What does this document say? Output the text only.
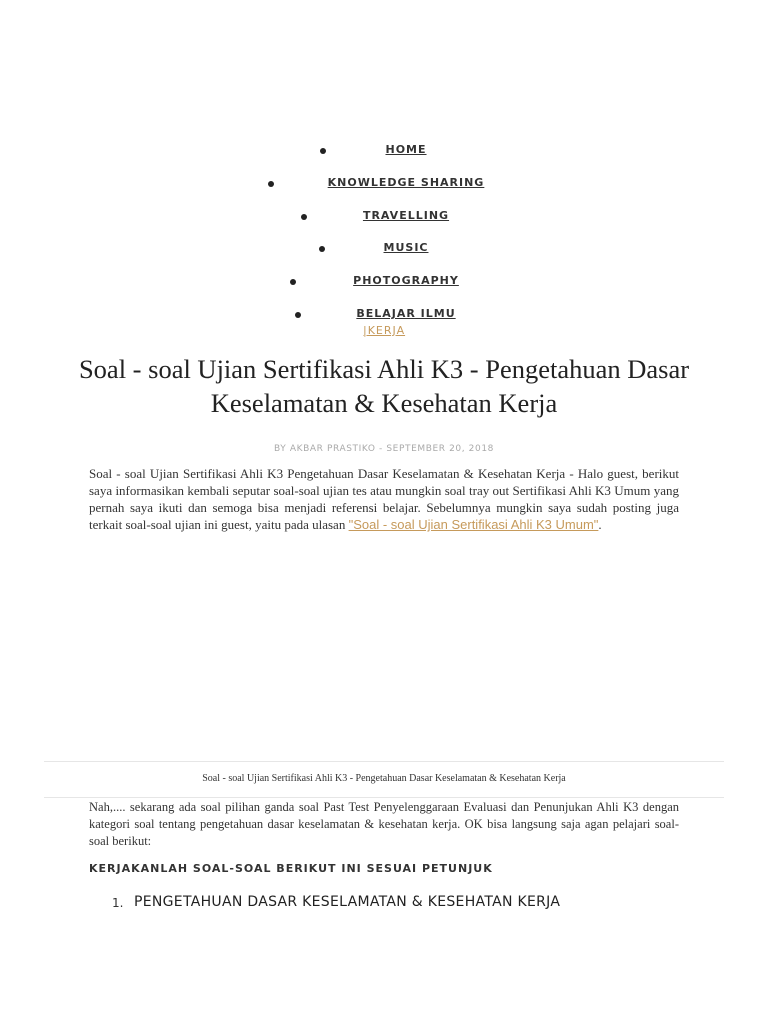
HOME
KNOWLEDGE SHARING
TRAVELLING
MUSIC
PHOTOGRAPHY
BELAJAR ILMU
|KERJA
Soal - soal Ujian Sertifikasi Ahli K3 - Pengetahuan Dasar Keselamatan & Kesehatan Kerja
BY AKBAR PRASTIKO - SEPTEMBER 20, 2018

Soal - soal Ujian Sertifikasi Ahli K3 Pengetahuan Dasar Keselamatan & Kesehatan Kerja - Halo guest, berikut saya informasikan kembali seputar soal-soal ujian tes atau mungkin soal tray out Sertifikasi Ahli K3 Umum yang pernah saya ikuti dan semoga bisa menjadi referensi belajar. Sebelumnya mungkin saya sudah posting juga terkait soal-soal ujian ini guest, yaitu pada ulasan "Soal - soal Ujian Sertifikasi Ahli K3 Umum".

Soal - soal Ujian Sertifikasi Ahli K3 - Pengetahuan Dasar Keselamatan & Kesehatan Kerja

Nah,.... sekarang ada soal pilihan ganda soal Past Test Penyelenggaraan Evaluasi dan Penunjukan Ahli K3 dengan kategori soal tentang pengetahuan dasar keselamatan & kesehatan kerja. OK bisa langsung saja agan pelajari soal-soal berikut:

KERJAKANLAH SOAL-SOAL BERIKUT INI SESUAI PETUNJUK
1. PENGETAHUAN DASAR KESELAMATAN & KESEHATAN KERJA
